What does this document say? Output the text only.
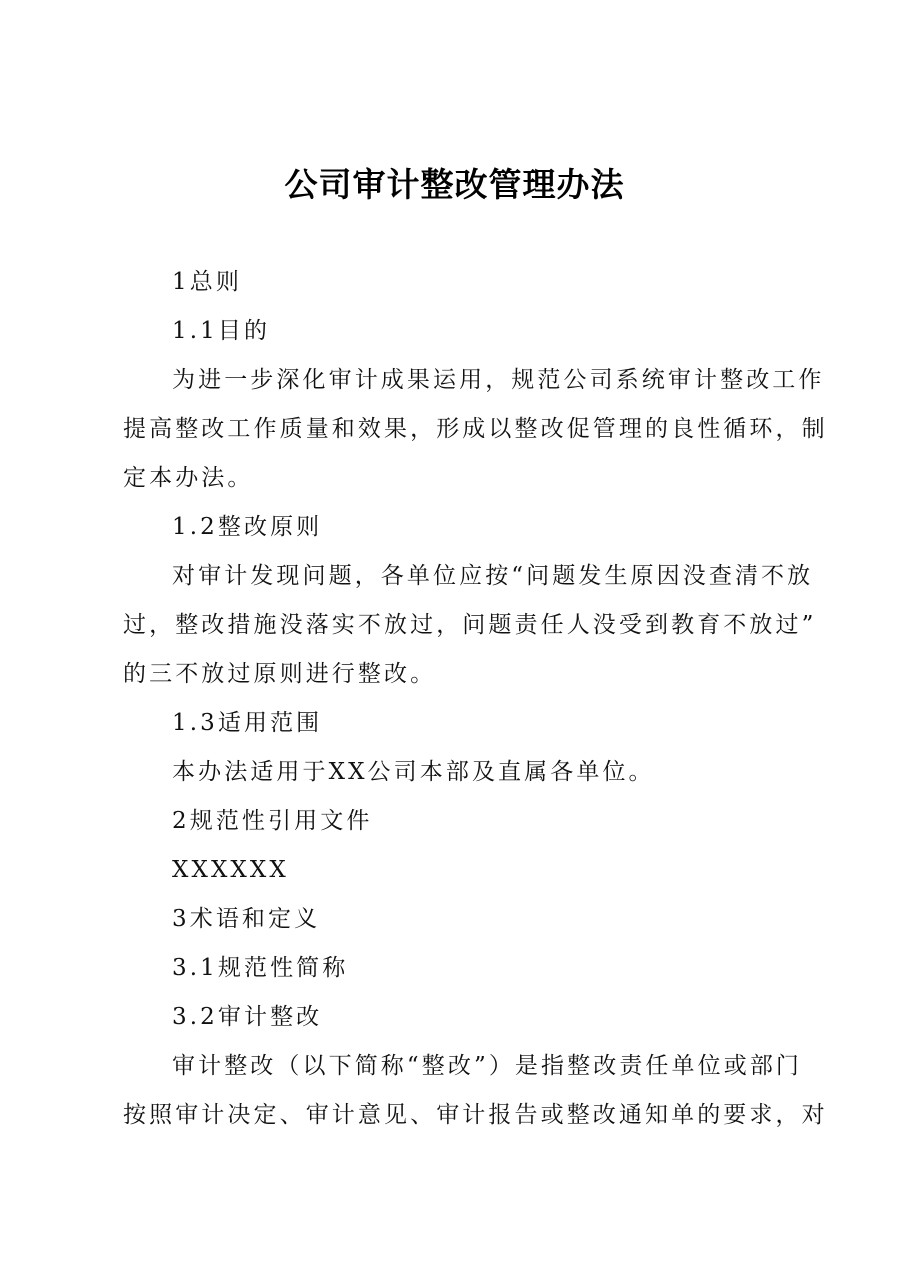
公司审计整改管理办法

1总则

1.1目的

为进一步深化审计成果运用，规范公司系统审计整改工作

提高整改工作质量和效果，形成以整改促管理的良性循环，制

定本办法。

1.2整改原则

对审计发现问题，各单位应按“问题发生原因没查清不放

过，整改措施没落实不放过，问题责任人没受到教育不放过”

的三不放过原则进行整改。

1.3适用范围

本办法适用于XX公司本部及直属各单位。

2规范性引用文件

XXXXXX

3术语和定义

3.1规范性简称

3.2审计整改

审计整改（以下简称“整改”）是指整改责任单位或部门

按照审计决定、审计意见、审计报告或整改通知单的要求，对
